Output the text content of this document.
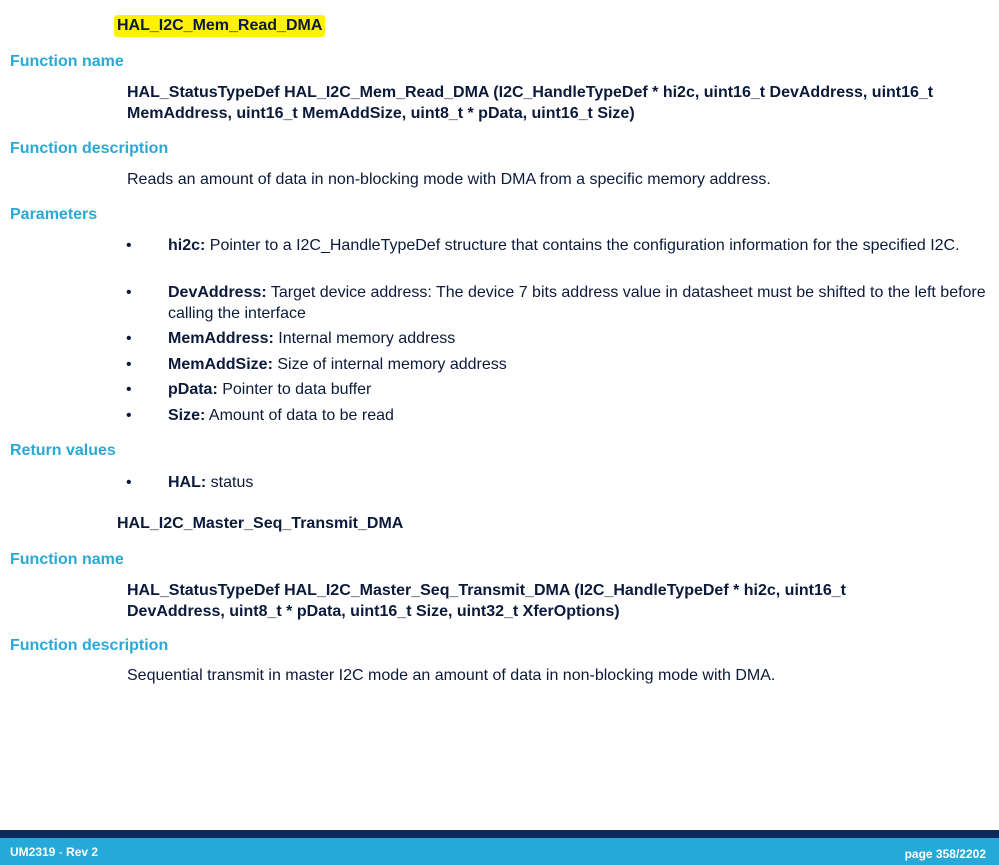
HAL_I2C_Mem_Read_DMA
Function name
HAL_StatusTypeDef HAL_I2C_Mem_Read_DMA (I2C_HandleTypeDef * hi2c, uint16_t DevAddress, uint16_t MemAddress, uint16_t MemAddSize, uint8_t * pData, uint16_t Size)
Function description
Reads an amount of data in non-blocking mode with DMA from a specific memory address.
Parameters
• hi2c: Pointer to a I2C_HandleTypeDef structure that contains the configuration information for the specified I2C.
• DevAddress: Target device address: The device 7 bits address value in datasheet must be shifted to the left before calling the interface
• MemAddress: Internal memory address
• MemAddSize: Size of internal memory address
• pData: Pointer to data buffer
• Size: Amount of data to be read
Return values
• HAL: status
HAL_I2C_Master_Seq_Transmit_DMA
Function name
HAL_StatusTypeDef HAL_I2C_Master_Seq_Transmit_DMA (I2C_HandleTypeDef * hi2c, uint16_t DevAddress, uint8_t * pData, uint16_t Size, uint32_t XferOptions)
Function description
Sequential transmit in master I2C mode an amount of data in non-blocking mode with DMA.
UM2319 - Rev 2	page 358/2202
